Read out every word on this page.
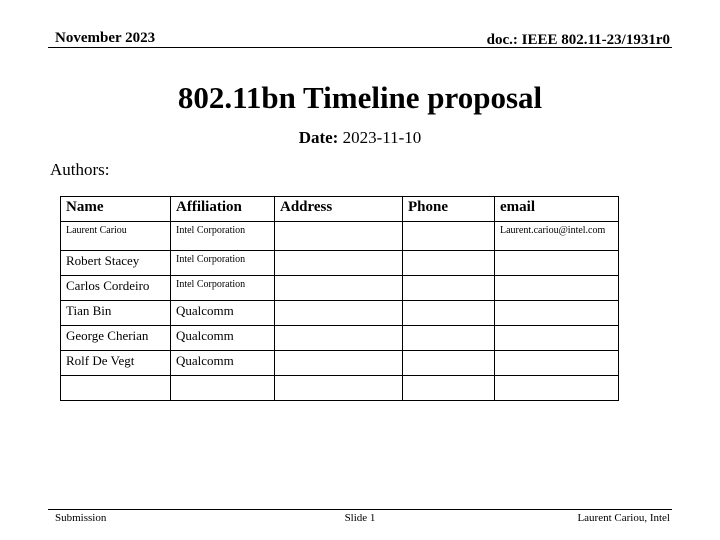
November 2023	doc.: IEEE 802.11-23/1931r0
802.11bn Timeline proposal
Date: 2023-11-10
Authors:
Name	Affiliation	Address	Phone	email
Laurent Cariou	Intel Corporation			Laurent.cariou@intel.com
Robert Stacey	Intel Corporation			
Carlos Cordeiro	Intel Corporation			
Tian Bin	Qualcomm			
George Cherian	Qualcomm			
Rolf De Vegt	Qualcomm			

Submission	Slide 1	Laurent Cariou, Intel
